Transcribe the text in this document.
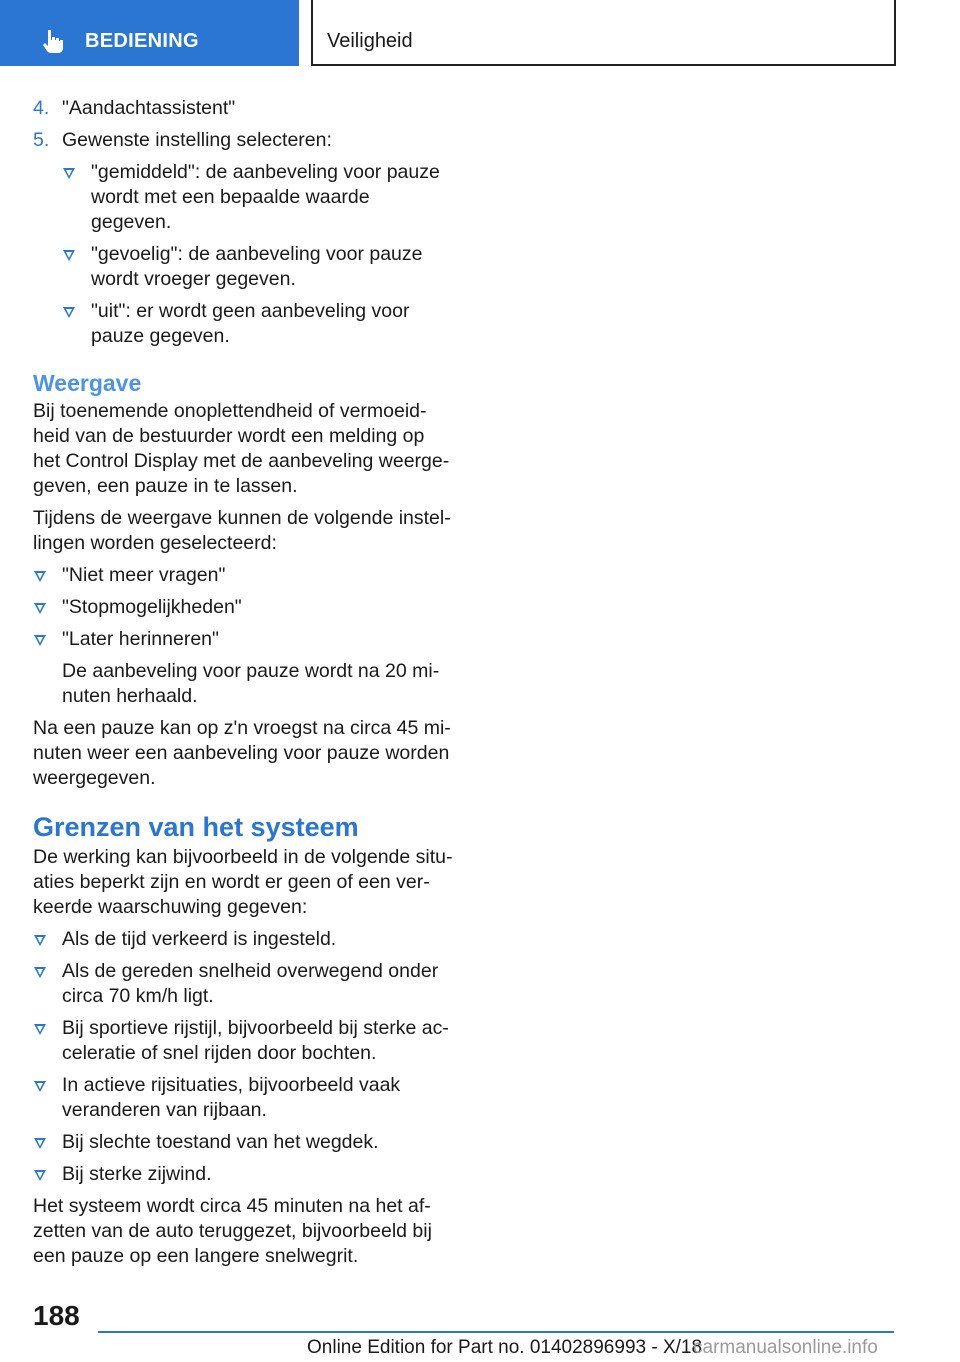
BEDIENING	Veiligheid
4. "Aandachtassistent"
5. Gewenste instelling selecteren:
"gemiddeld": de aanbeveling voor pauze wordt met een bepaalde waarde gegeven.
"gevoelig": de aanbeveling voor pauze wordt vroeger gegeven.
"uit": er wordt geen aanbeveling voor pauze gegeven.
Weergave
Bij toenemende onoplettendheid of vermoeidheid van de bestuurder wordt een melding op het Control Display met de aanbeveling weergegeven, een pauze in te lassen.
Tijdens de weergave kunnen de volgende instellingen worden geselecteerd:
"Niet meer vragen"
"Stopmogelijkheden"
"Later herinneren"
De aanbeveling voor pauze wordt na 20 minuten herhaald.
Na een pauze kan op z'n vroegst na circa 45 minuten weer een aanbeveling voor pauze worden weergegeven.
Grenzen van het systeem
De werking kan bijvoorbeeld in de volgende situaties beperkt zijn en wordt er geen of een verkeerde waarschuwing gegeven:
Als de tijd verkeerd is ingesteld.
Als de gereden snelheid overwegend onder circa 70 km/h ligt.
Bij sportieve rijstijl, bijvoorbeeld bij sterke acceleratie of snel rijden door bochten.
In actieve rijsituaties, bijvoorbeeld vaak veranderen van rijbaan.
Bij slechte toestand van het wegdek.
Bij sterke zijwind.
Het systeem wordt circa 45 minuten na het afzetten van de auto teruggezet, bijvoorbeeld bij een pauze op een langere snelwegrit.
188
Online Edition for Part no. 01402896993 - X/18
carmanualsonline.info
